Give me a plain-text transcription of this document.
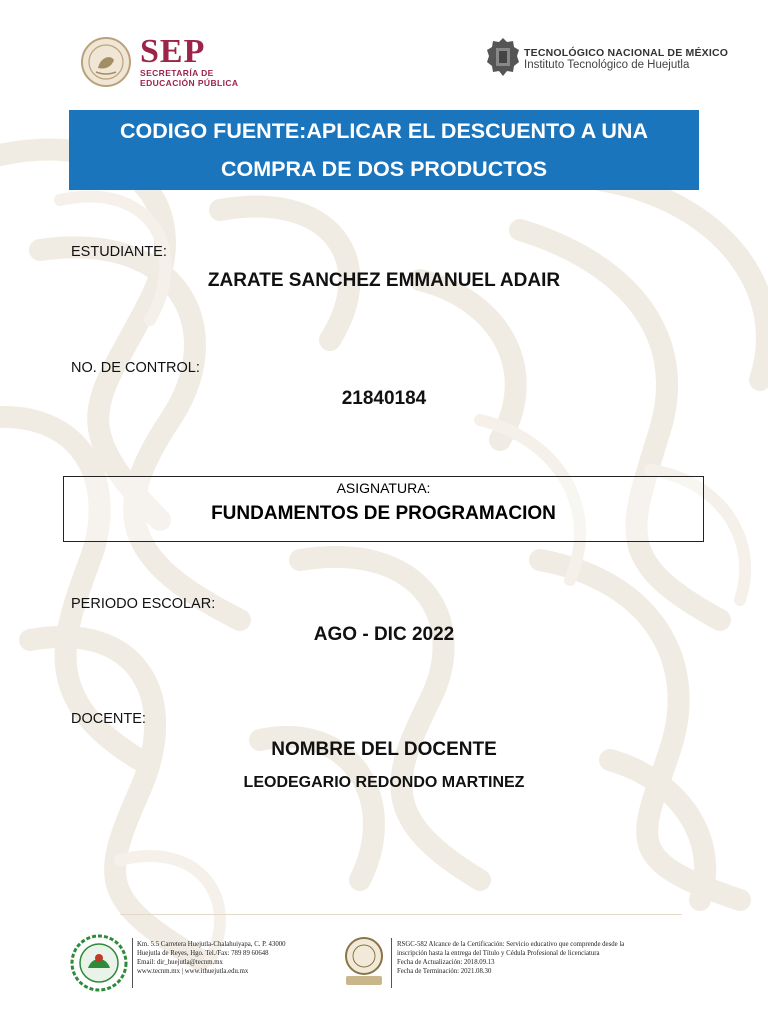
SEP
SECRETARÍA DE
EDUCACIÓN PÚBLICA
TECNOLÓGICO NACIONAL DE MÉXICO
Instituto Tecnológico de Huejutla
CODIGO FUENTE:APLICAR EL DESCUENTO A UNA
COMPRA DE DOS PRODUCTOS
ESTUDIANTE:
ZARATE SANCHEZ EMMANUEL ADAIR
NO. DE CONTROL:
21840184
ASIGNATURA:
FUNDAMENTOS DE PROGRAMACION
PERIODO ESCOLAR:
AGO - DIC 2022
DOCENTE:
NOMBRE DEL DOCENTE
LEODEGARIO REDONDO MARTINEZ
Km. 5.5 Carretera Huejutla-Chalahuiyapa, C. P. 43000
Huejutla de Reyes, Hgo. Tel./Fax: 789 89 60648
Email: dir_huejutla@tecnm.mx
www.tecnm.mx | www.ithuejutla.edu.mx
RSGC-582 Alcance de la Certificación: Servicio educativo que comprende desde la
inscripción hasta la entrega del Título y Cédula Profesional de licenciatura
Fecha de Actualización: 2018.09.13
Fecha de Terminación: 2021.08.30
